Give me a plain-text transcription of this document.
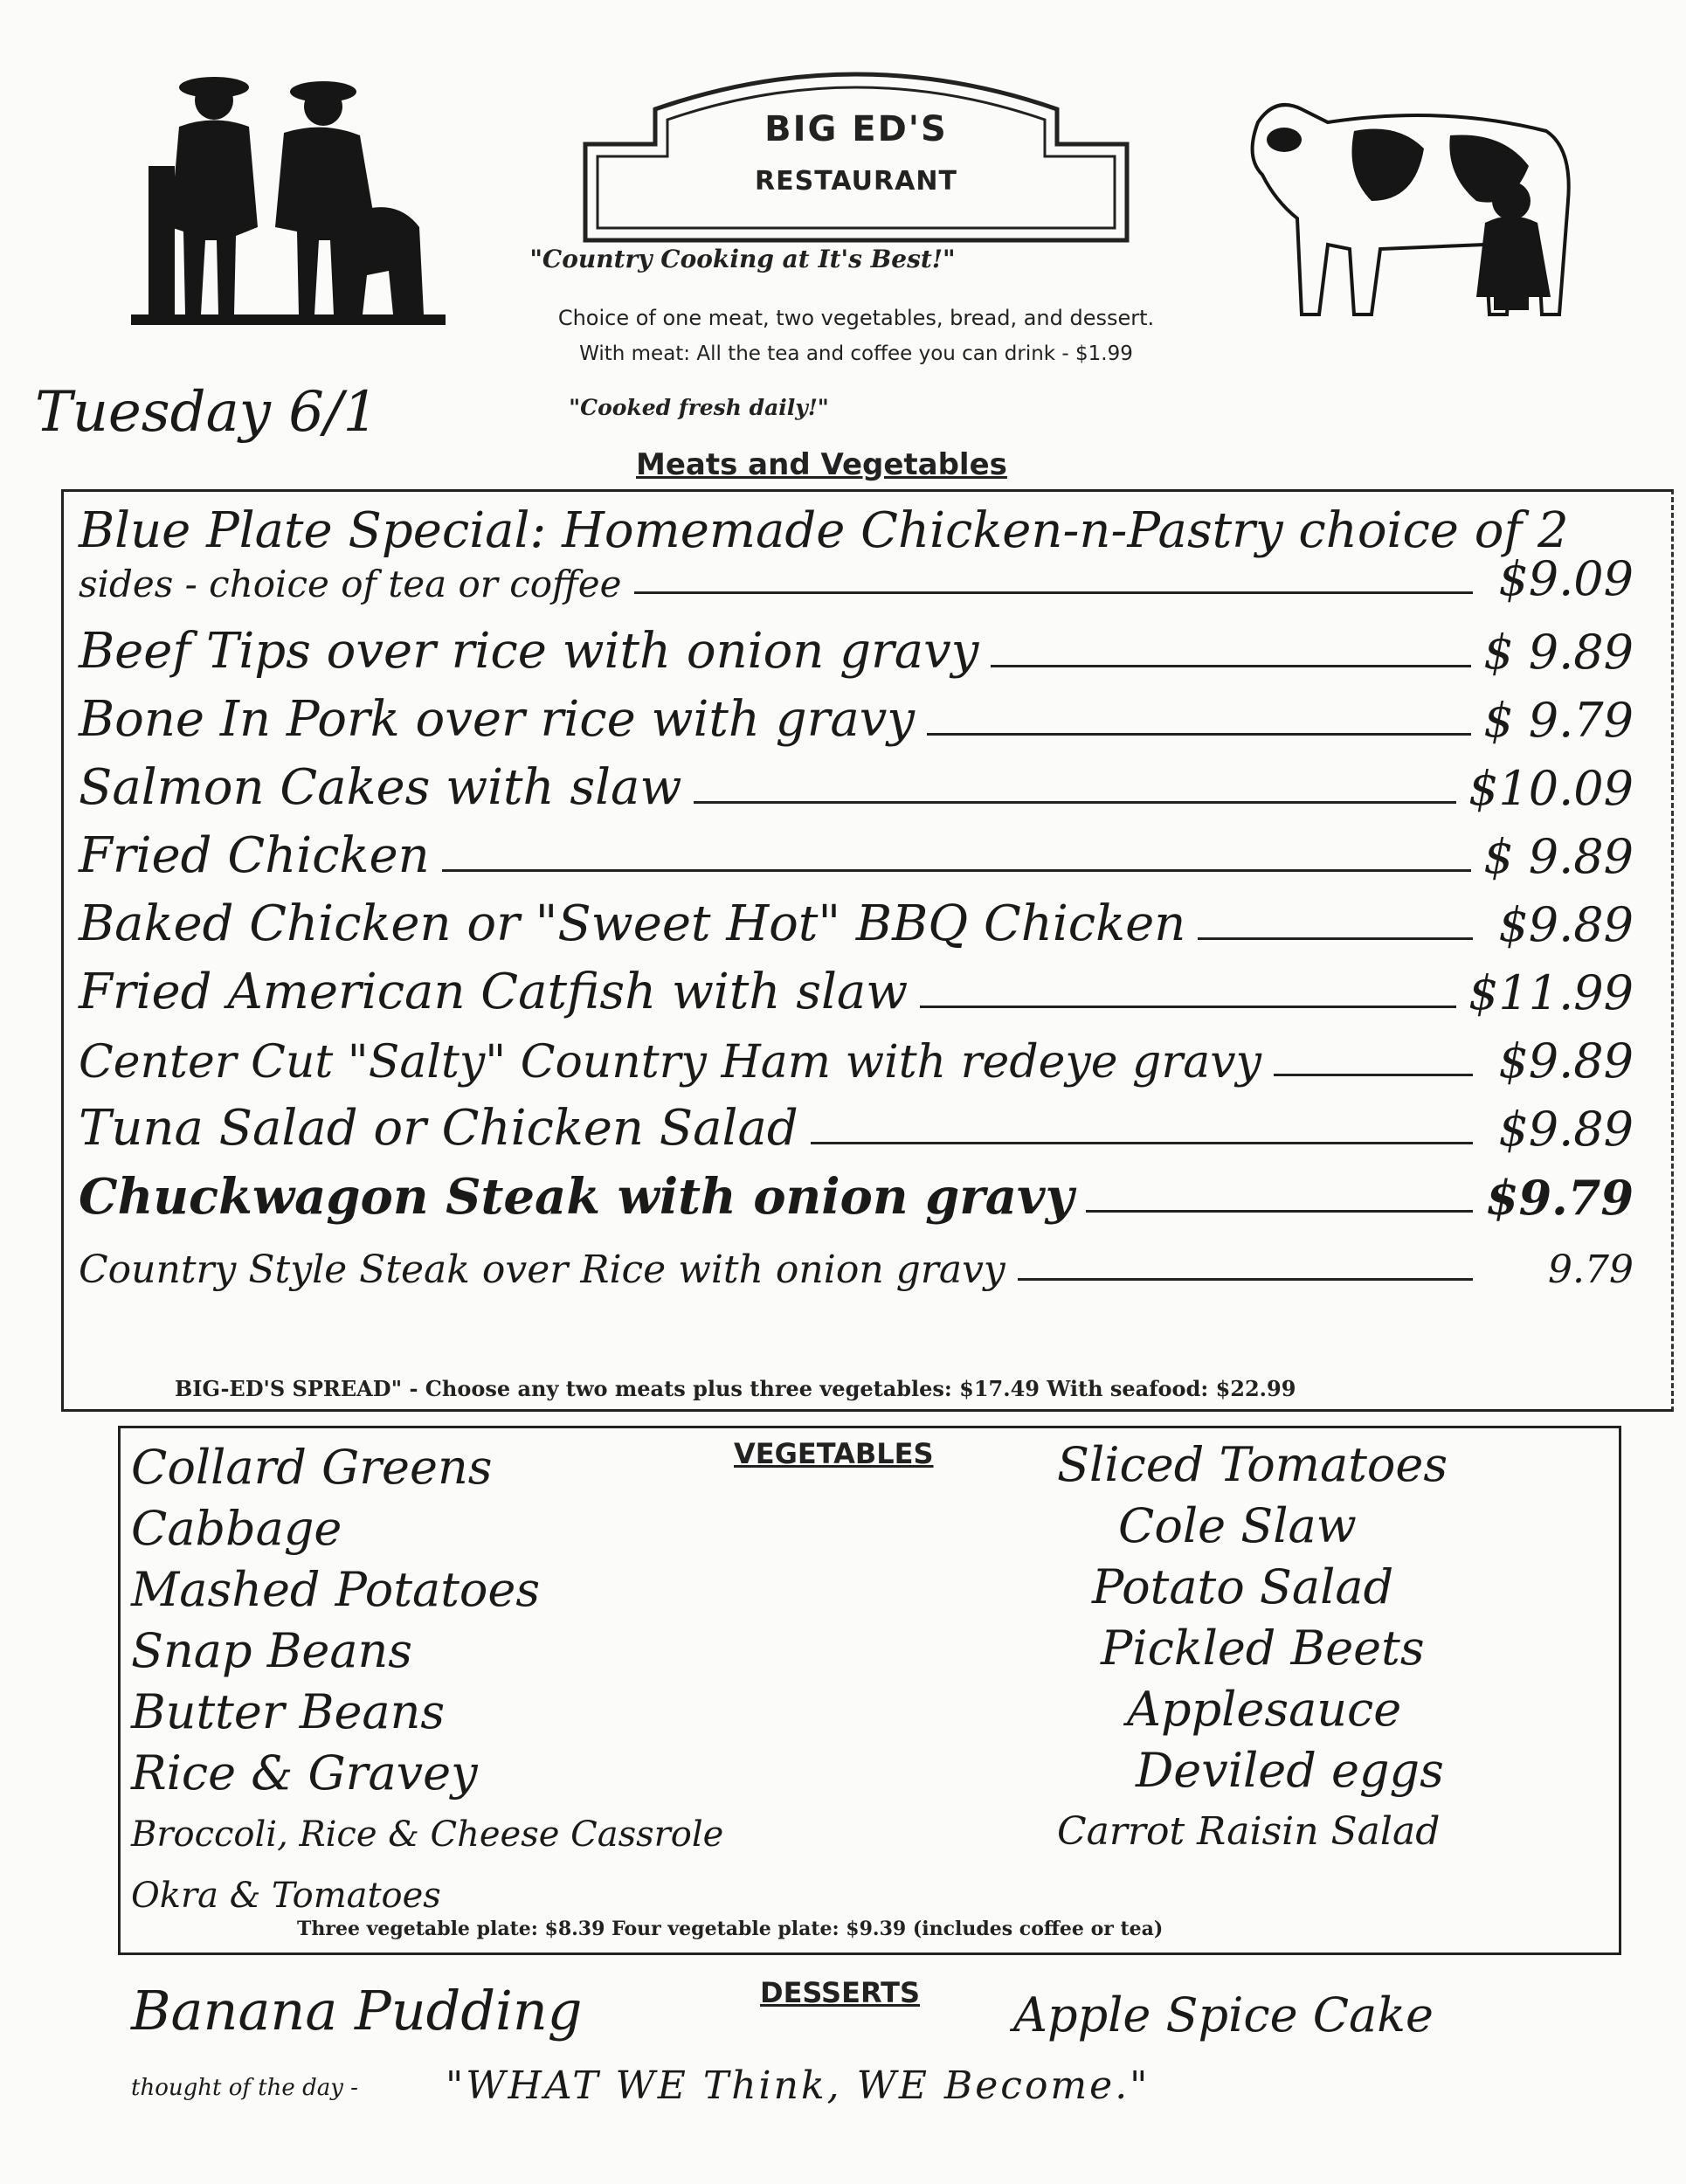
BIG ED'S
RESTAURANT
"Country Cooking at It's Best!"
Choice of one meat, two vegetables, bread, and dessert.
With meat: All the tea and coffee you can drink - $1.99
"Cooked fresh daily!"
Tuesday 6/1
Meats and Vegetables
Blue Plate Special: Homemade Chicken-n-Pastry choice of 2
sides - choice of tea or coffee	$9.09
Beef Tips over rice with onion gravy	$ 9.89
Bone In Pork over rice with gravy	$ 9.79
Salmon Cakes with slaw	$10.09
Fried Chicken	$ 9.89
Baked Chicken or "Sweet Hot" BBQ Chicken	$9.89
Fried American Catfish with slaw	$11.99
Center Cut "Salty" Country Ham with redeye gravy	$9.89
Tuna Salad or Chicken Salad	$9.89
Chuckwagon Steak with onion gravy	$9.79
Country Style Steak over Rice with onion gravy	9.79
BIG-ED'S SPREAD" - Choose any two meats plus three vegetables: $17.49 With seafood: $22.99
VEGETABLES
Collard Greens
Cabbage
Mashed Potatoes
Snap Beans
Butter Beans
Rice & Gravey
Broccoli, Rice & Cheese Cassrole
Okra & Tomatoes
Sliced Tomatoes
Cole Slaw
Potato Salad
Pickled Beets
Applesauce
Deviled eggs
Carrot Raisin Salad
Three vegetable plate: $8.39 Four vegetable plate: $9.39 (includes coffee or tea)
DESSERTS
Banana Pudding	Apple Spice Cake
thought of the day - "WHAT WE Think, WE Become."
